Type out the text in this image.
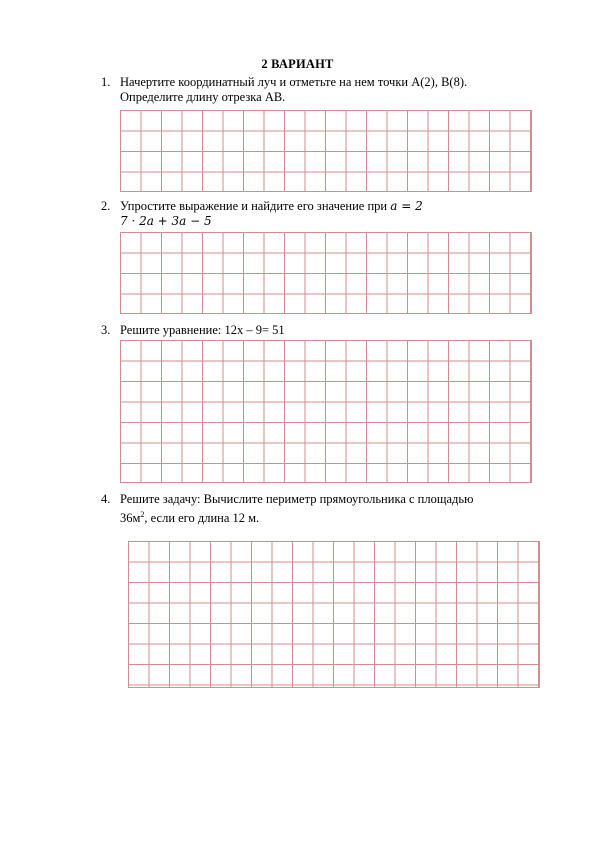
2 ВАРИАНТ
1. Начертите координатный луч и отметьте на нем точки А(2), В(8).
Определите длину отрезка АВ.
2. Упростите выражение и найдите его значение при a = 2
7 · 2a + 3a − 5
3. Решите уравнение: 12х – 9= 51
4. Решите задачу: Вычислите периметр прямоугольника с площадью
$36м^2$, если его длина 12 м.
